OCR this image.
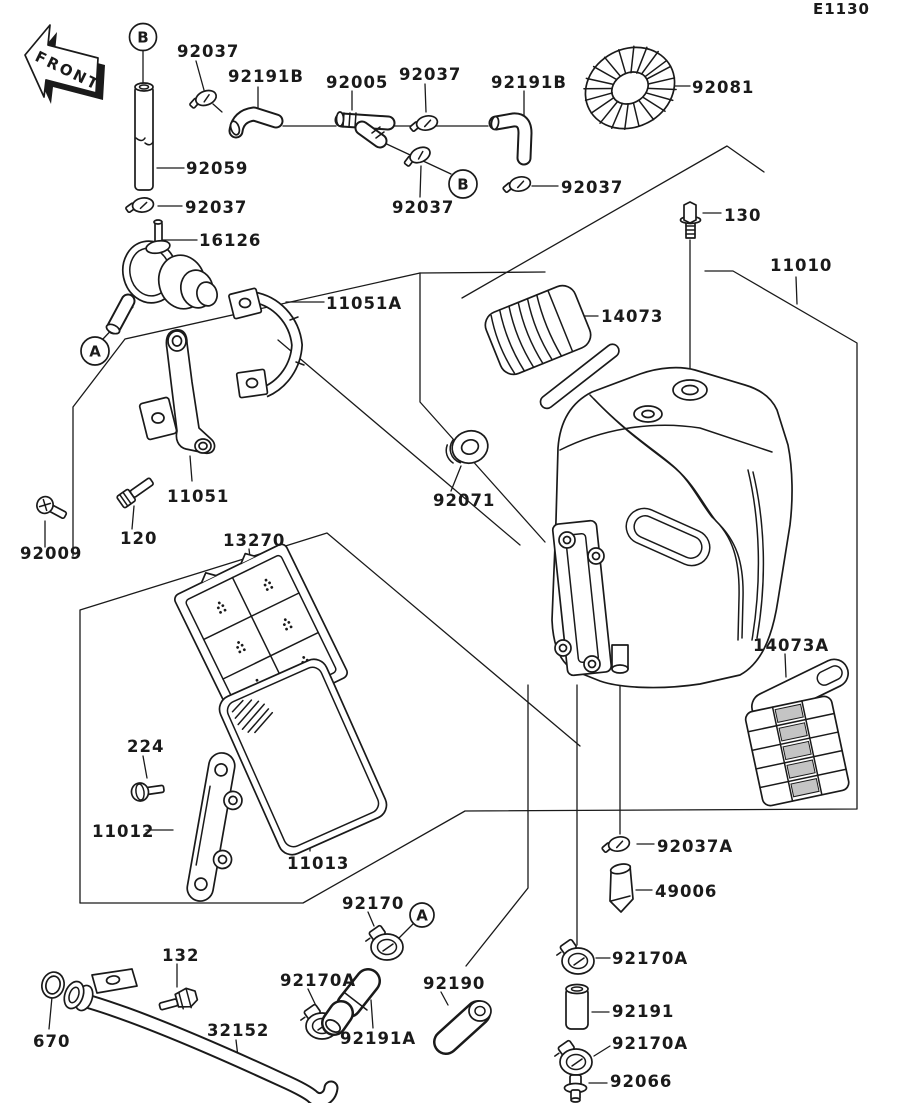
FRONT
E1130
B
B
A
A
92037
92191B 92005 92037 92191B	92081
92059
92037	92037
92037
16126
130
11010
11051A
14073
92071
11051
120
92009
13270
14073A
224
11012
11013
92037A
49006
92170
132
92170A
92170A
92190
92191
670
32152	92191A	92170A
92066
